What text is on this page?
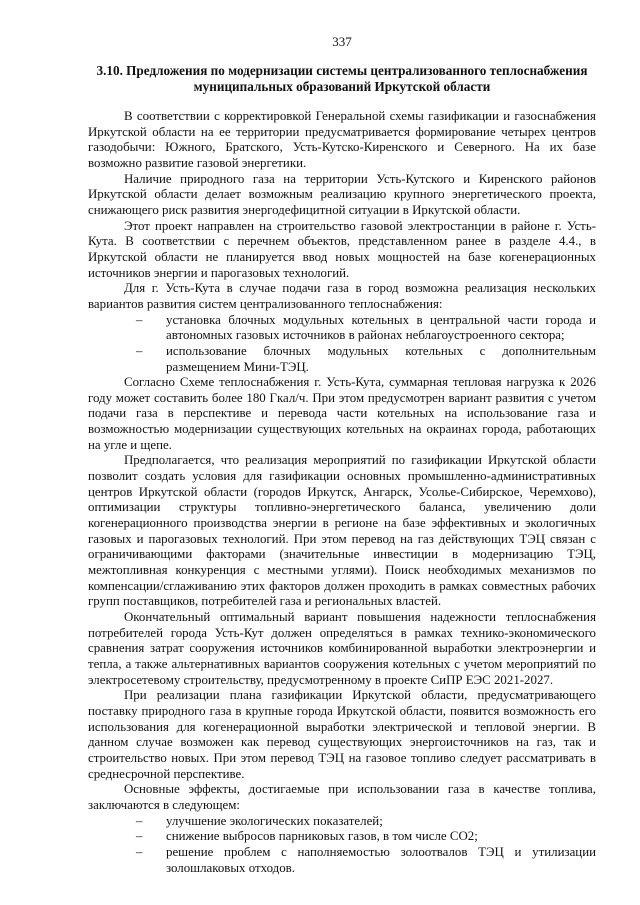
337
3.10. Предложения по модернизации системы централизованного теплоснабжения
муниципальных образований Иркутской области

В соответствии с корректировкой Генеральной схемы газификации и газоснабжения Иркутской области на ее территории предусматривается формирование четырех центров газодобычи: Южного, Братского, Усть-Кутско-Киренского и Северного. На их базе возможно развитие газовой энергетики.

Наличие природного газа на территории Усть-Кутского и Киренского районов Иркутской области делает возможным реализацию крупного энергетического проекта, снижающего риск развития энергодефицитной ситуации в Иркутской области.

Этот проект направлен на строительство газовой электростанции в районе г. Усть-Кута. В соответствии с перечнем объектов, представленном ранее в разделе 4.4., в Иркутской области не планируется ввод новых мощностей на базе когенерационных источников энергии и парогазовых технологий.

Для г. Усть-Кута в случае подачи газа в город возможна реализация нескольких вариантов развития систем централизованного теплоснабжения:

– установка блочных модульных котельных в центральной части города и автономных газовых источников в районах неблагоустроенного сектора;
– использование блочных модульных котельных с дополнительным размещением Мини-ТЭЦ.

Согласно Схеме теплоснабжения г. Усть-Кута, суммарная тепловая нагрузка к 2026 году может составить более 180 Гкал/ч. При этом предусмотрен вариант развития с учетом подачи газа в перспективе и перевода части котельных на использование газа и возможностью модернизации существующих котельных на окраинах города, работающих на угле и щепе.

Предполагается, что реализация мероприятий по газификации Иркутской области позволит создать условия для газификации основных промышленно-административных центров Иркутской области (городов Иркутск, Ангарск, Усолье-Сибирское, Черемхово), оптимизации структуры топливно-энергетического баланса, увеличению доли когенерационного производства энергии в регионе на базе эффективных и экологичных газовых и парогазовых технологий. При этом перевод на газ действующих ТЭЦ связан с ограничивающими факторами (значительные инвестиции в модернизацию ТЭЦ, межтопливная конкуренция с местными углями). Поиск необходимых механизмов по компенсации/сглаживанию этих факторов должен проходить в рамках совместных рабочих групп поставщиков, потребителей газа и региональных властей.

Окончательный оптимальный вариант повышения надежности теплоснабжения потребителей города Усть-Кут должен определяться в рамках технико-экономического сравнения затрат сооружения источников комбинированной выработки электроэнергии и тепла, а также альтернативных вариантов сооружения котельных с учетом мероприятий по электросетевому строительству, предусмотренному в проекте СиПР ЕЭС 2021-2027.

При реализации плана газификации Иркутской области, предусматривающего поставку природного газа в крупные города Иркутской области, появится возможность его использования для когенерационной выработки электрической и тепловой энергии. В данном случае возможен как перевод существующих энергоисточников на газ, так и строительство новых. При этом перевод ТЭЦ на газовое топливо следует рассматривать в среднесрочной перспективе.

Основные эффекты, достигаемые при использовании газа в качестве топлива, заключаются в следующем:

– улучшение экологических показателей;
– снижение выбросов парниковых газов, в том числе СО2;
– решение проблем с наполняемостью золоотвалов ТЭЦ и утилизации золошлаковых отходов.
